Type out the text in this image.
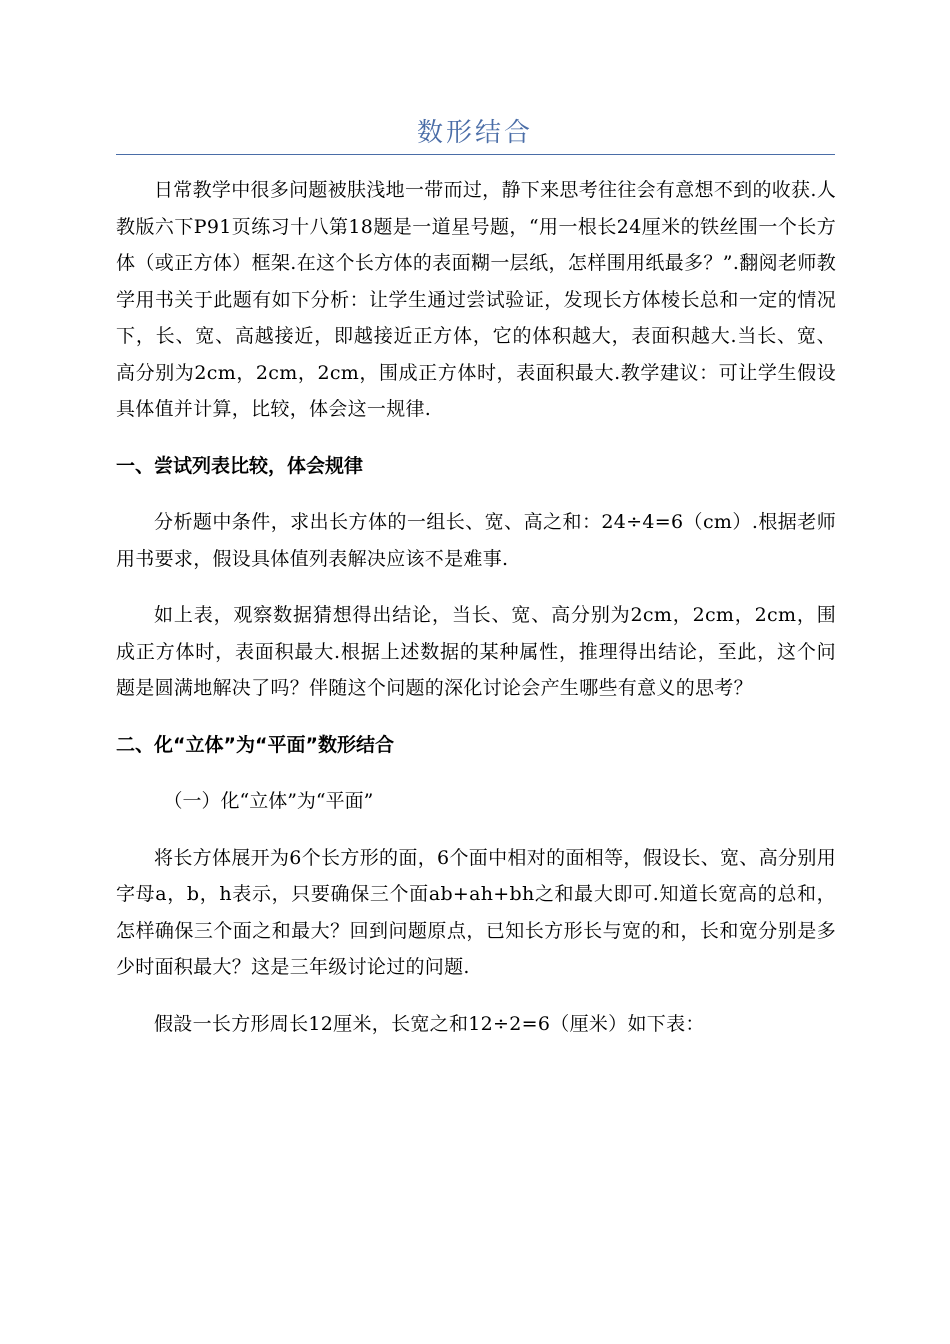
数形结合

日常教学中很多问题被肤浅地一带而过，静下来思考往往会有意想不到的收获.人教版六下P91页练习十八第18题是一道星号题，“用一根长24厘米的铁丝围一个长方体（或正方体）框架.在这个长方体的表面糊一层纸，怎样围用纸最多？”.翻阅老师教学用书关于此题有如下分析：让学生通过尝试验证，发现长方体棱长总和一定的情况下，长、宽、高越接近，即越接近正方体，它的体积越大，表面积越大.当长、宽、高分别为2cm，2cm，2cm，围成正方体时，表面积最大.教学建议：可让学生假设具体值并计算，比较，体会这一规律.

一、尝试列表比较，体会规律

分析题中条件，求出长方体的一组长、宽、高之和：24÷4=6（cm）.根据老师用书要求，假设具体值列表解决应该不是难事.

如上表，观察数据猜想得出结论，当长、宽、高分别为2cm，2cm，2cm，围成正方体时，表面积最大.根据上述数据的某种属性，推理得出结论，至此，这个问题是圆满地解决了吗？伴随这个问题的深化讨论会产生哪些有意义的思考？

二、化“立体”为“平面”数形结合

（一）化“立体”为“平面”

将长方体展开为6个长方形的面，6个面中相对的面相等，假设长、宽、高分别用字母a，b，h表示，只要确保三个面ab+ah+bh之和最大即可.知道长宽高的总和，怎样确保三个面之和最大？回到问题原点，已知长方形长与宽的和，长和宽分别是多少时面积最大？这是三年级讨论过的问题.

假設一长方形周长12厘米，长宽之和12÷2=6（厘米）如下表：
